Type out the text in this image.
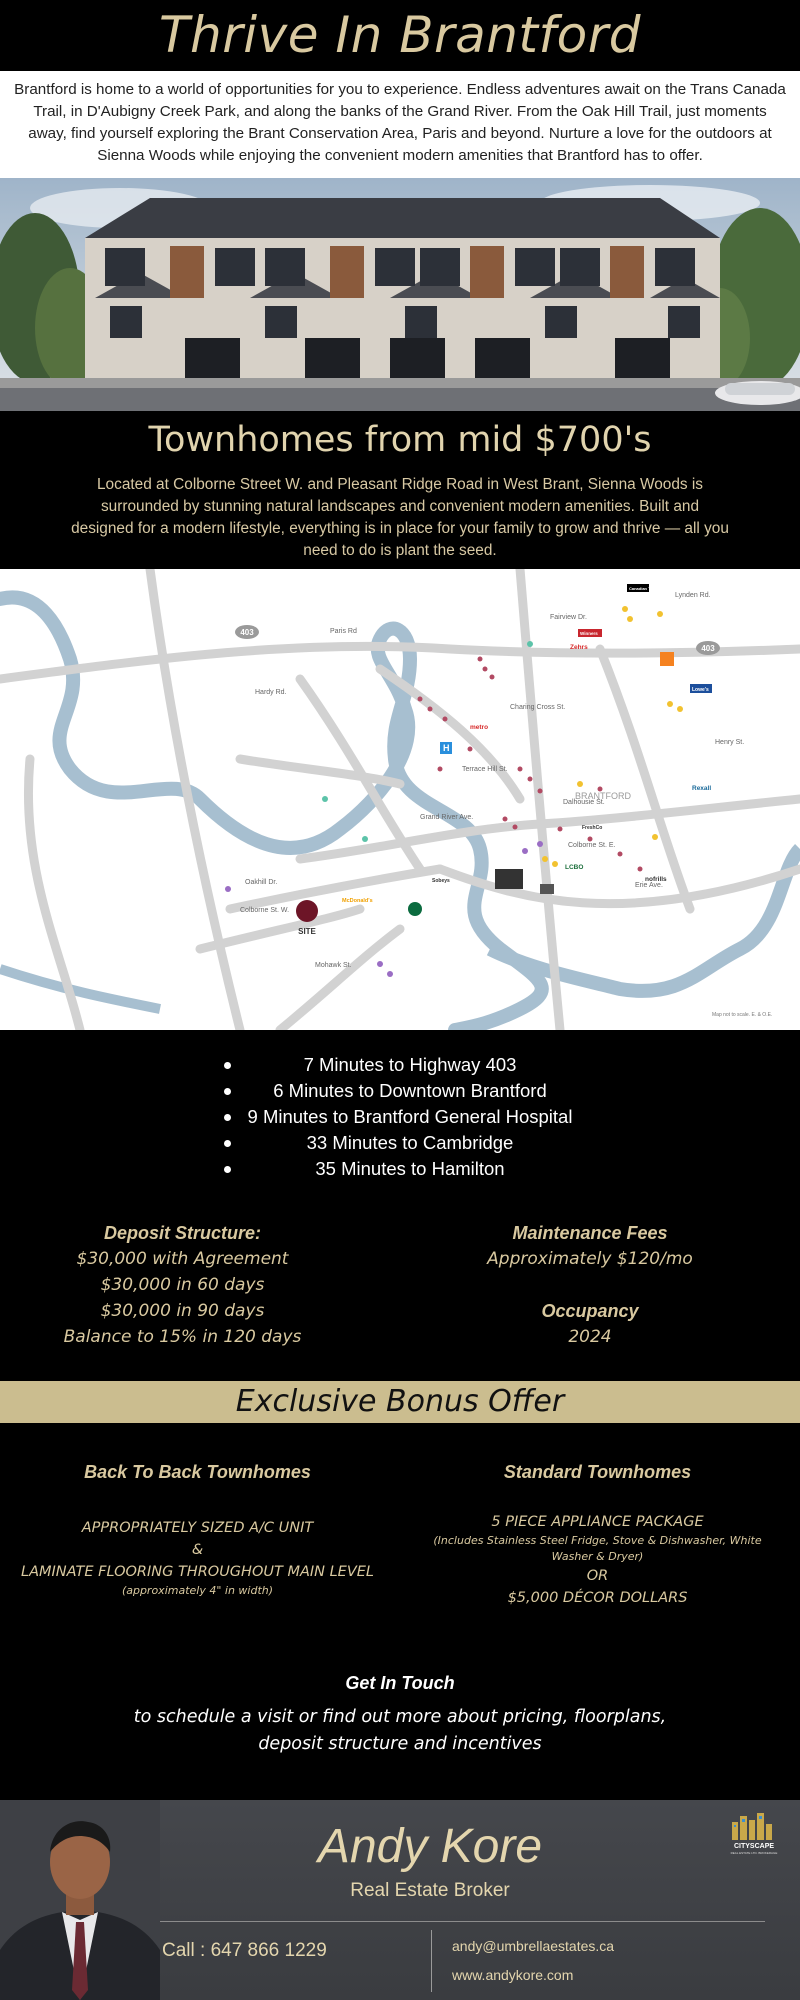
Thrive In Brantford

Brantford is home to a world of opportunities for you to experience. Endless adventures await on the Trans Canada Trail, in D'Aubigny Creek Park, and along the banks of the Grand River. From the Oak Hill Trail, just moments away, find yourself exploring the Brant Conservation Area, Paris and beyond. Nurture a love for the outdoors at Sienna Woods while enjoying the convenient modern amenities that Brantford has to offer.

Townhomes from mid $700's

Located at Colborne Street W. and Pleasant Ridge Road in West Brant, Sienna Woods is surrounded by stunning natural landscapes and convenient modern amenities. Built and designed for a modern lifestyle, everything is in place for your family to grow and thrive — all you need to do is plant the seed.

403
403
Paris Rd
Fairview Dr.
Lynden Rd.
Hardy Rd.
Charing Cross St.
Henry St.
Terrace Hill St.
Grand River Ave.
Dalhousie St.
Colborne St. E.
Oakhill Dr.
Colborne St. W.
Erie Ave.
Mohawk St.
BRANTFORD
Canadian Tire
Winners
Zehrs
Lowe's
metro
FreshCo
LCBO
nofrills
Rexall
Sobeys
McDonald's
H
SITE
Map not to scale. E. & O.E.
7 Minutes to Highway 403
6 Minutes to Downtown Brantford
9 Minutes to Brantford General Hospital
33 Minutes to Cambridge
35 Minutes to Hamilton
Deposit Structure:

$30,000 with Agreement

$30,000 in 60 days

$30,000 in 90 days

Balance to 15% in 120 days

Maintenance Fees

Approximately $120/mo

Occupancy

2024

Exclusive Bonus Offer
Back To Back Townhomes

APPROPRIATELY SIZED A/C UNIT

&

LAMINATE FLOORING THROUGHOUT MAIN LEVEL

(approximately 4" in width)

Standard Townhomes

5 PIECE APPLIANCE PACKAGE

(Includes Stainless Steel Fridge, Stove & Dishwasher, White Washer & Dryer)

OR

$5,000 DÉCOR DOLLARS

Get In Touch

to schedule a visit or find out more about pricing, floorplans,
deposit structure and incentives

Andy Kore
Real Estate Broker
Call : 647 866 1229	andy@umbrellaestates.ca
www.andykore.com
CITYSCAPE
REAL ESTATE LTD. BROKERAGE
